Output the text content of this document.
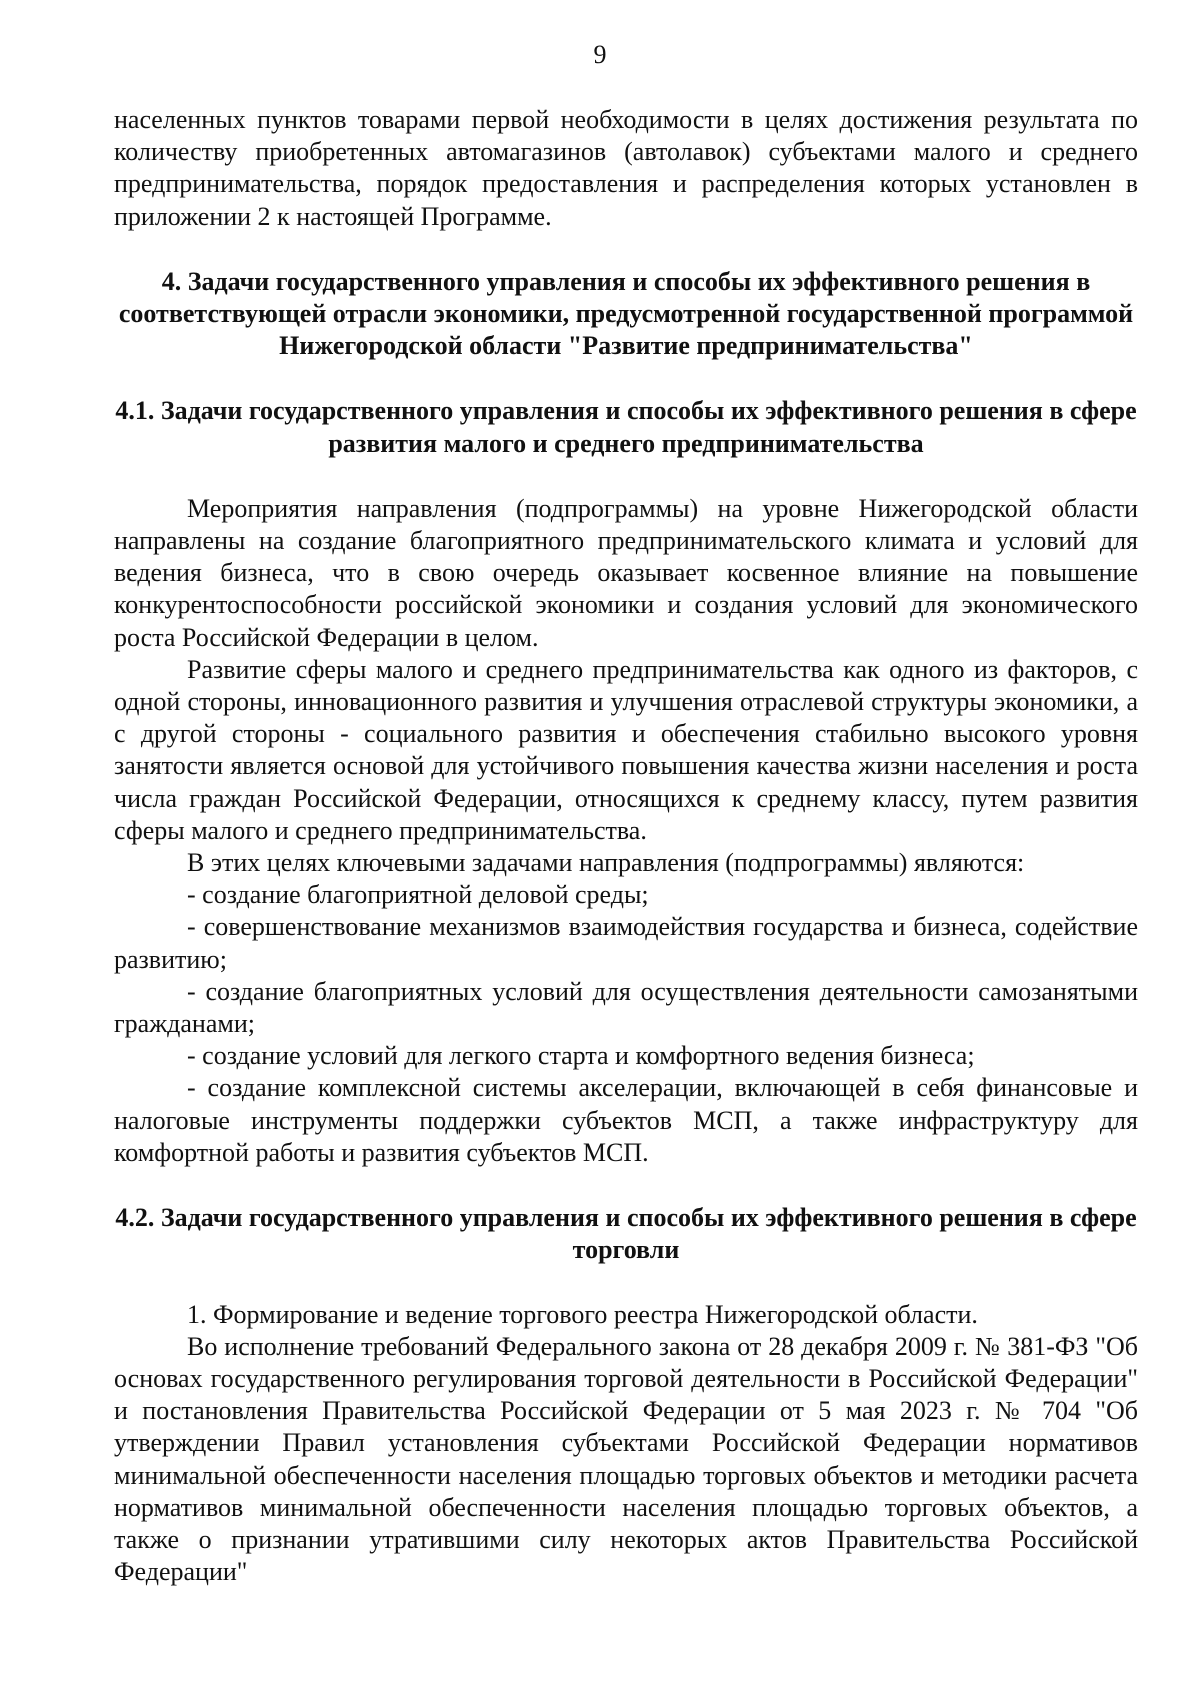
9

населенных пунктов товарами первой необходимости в целях достижения результата по количеству приобретенных автомагазинов (автолавок) субъектами малого и среднего предпринимательства, порядок предоставления и распределения которых установлен в приложении 2 к настоящей Программе.

4. Задачи государственного управления и способы их эффективного решения в соответствующей отрасли экономики, предусмотренной государственной программой Нижегородской области "Развитие предпринимательства"
4.1. Задачи государственного управления и способы их эффективного решения в сфере развития малого и среднего предпринимательства

Мероприятия направления (подпрограммы) на уровне Нижегородской области направлены на создание благоприятного предпринимательского климата и условий для ведения бизнеса, что в свою очередь оказывает косвенное влияние на повышение конкурентоспособности российской экономики и создания условий для экономического роста Российской Федерации в целом.

Развитие сферы малого и среднего предпринимательства как одного из факторов, с одной стороны, инновационного развития и улучшения отраслевой структуры экономики, а с другой стороны - социального развития и обеспечения стабильно высокого уровня занятости является основой для устойчивого повышения качества жизни населения и роста числа граждан Российской Федерации, относящихся к среднему классу, путем развития сферы малого и среднего предпринимательства.

В этих целях ключевыми задачами направления (подпрограммы) являются:

- создание благоприятной деловой среды;

- совершенствование механизмов взаимодействия государства и бизнеса, содействие развитию;

- создание благоприятных условий для осуществления деятельности самозанятыми гражданами;

- создание условий для легкого старта и комфортного ведения бизнеса;

- создание комплексной системы акселерации, включающей в себя финансовые и налоговые инструменты поддержки субъектов МСП, а также инфраструктуру для комфортной работы и развития субъектов МСП.

4.2. Задачи государственного управления и способы их эффективного решения в сфере торговли

1. Формирование и ведение торгового реестра Нижегородской области.

Во исполнение требований Федерального закона от 28 декабря 2009 г. № 381-ФЗ "Об основах государственного регулирования торговой деятельности в Российской Федерации" и постановления Правительства Российской Федерации от 5 мая 2023 г. № 704 "Об утверждении Правил установления субъектами Российской Федерации нормативов минимальной обеспеченности населения площадью торговых объектов и методики расчета нормативов минимальной обеспеченности населения площадью торговых объектов, а также о признании утратившими силу некоторых актов Правительства Российской Федерации"
